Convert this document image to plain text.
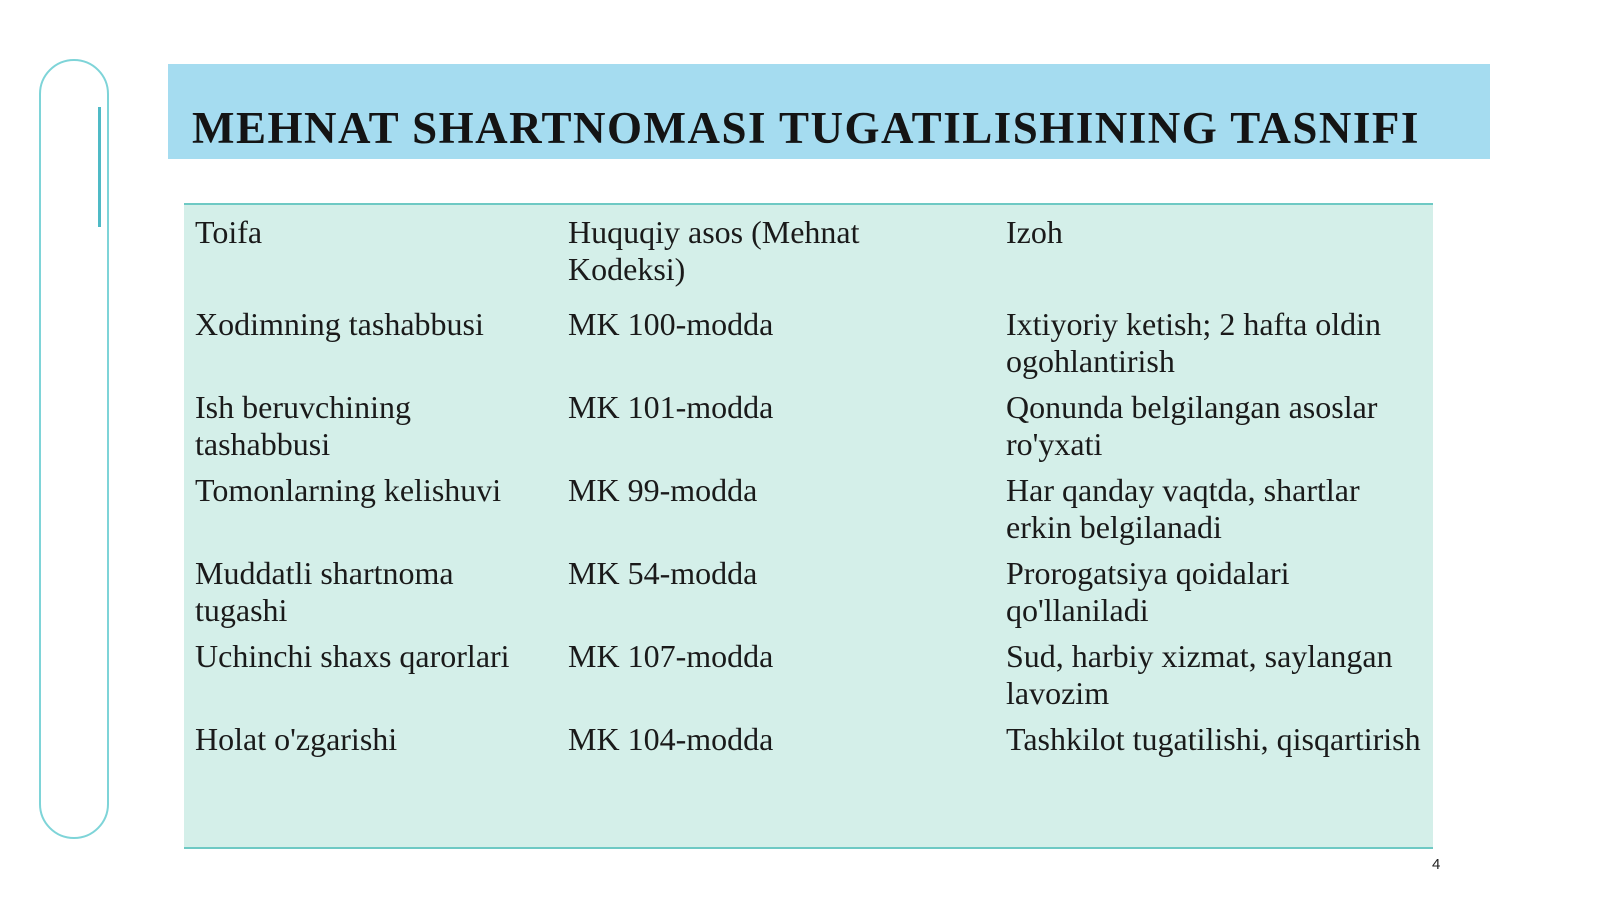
MEHNAT SHARTNOMASI TUGATILISHINING TASNIFI
Toifa	Huquqiy asos (Mehnat Kodeksi)	Izoh
Xodimning tashabbusi	MK 100-modda	Ixtiyoriy ketish; 2 hafta oldin ogohlantirish
Ish beruvchining tashabbusi	MK 101-modda	Qonunda belgilangan asoslar ro'yxati
Tomonlarning kelishuvi	MK 99-modda	Har qanday vaqtda, shartlar erkin belgilanadi
Muddatli shartnoma tugashi	MK 54-modda	Prorogatsiya qoidalari qo'llaniladi
Uchinchi shaxs qarorlari	MK 107-modda	Sud, harbiy xizmat, saylangan lavozim
Holat o'zgarishi	MK 104-modda	Tashkilot tugatilishi, qisqartirish
4
